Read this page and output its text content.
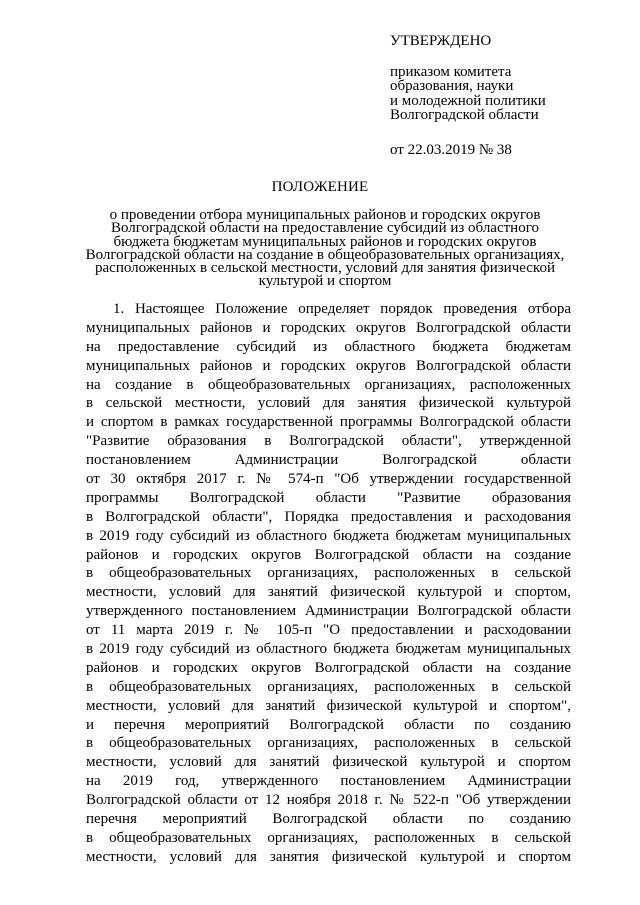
УТВЕРЖДЕНО
приказом комитета
образования, науки
и молодежной политики
Волгоградской области
от 22.03.2019 № 38
ПОЛОЖЕНИЕ
о проведении отбора муниципальных районов и городских округов
Волгоградской области на предоставление субсидий из областного
бюджета бюджетам муниципальных районов и городских округов
Волгоградской области на создание в общеобразовательных организациях,
расположенных в сельской местности, условий для занятия физической
культурой и спортом
1. Настоящее Положение определяет порядок проведения отбора
муниципальных районов и городских округов Волгоградской области
на предоставление субсидий из областного бюджета бюджетам
муниципальных районов и городских округов Волгоградской области
на создание в общеобразовательных организациях, расположенных
в сельской местности, условий для занятия физической культурой
и спортом в рамках государственной программы Волгоградской области
"Развитие образования в Волгоградской области", утвержденной
постановлением Администрации Волгоградской области
от 30 октября 2017 г. № 574-п "Об утверждении государственной
программы Волгоградской области "Развитие образования
в Волгоградской области", Порядка предоставления и расходования
в 2019 году субсидий из областного бюджета бюджетам муниципальных
районов и городских округов Волгоградской области на создание
в общеобразовательных организациях, расположенных в сельской
местности, условий для занятий физической культурой и спортом,
утвержденного постановлением Администрации Волгоградской области
от 11 марта 2019 г. № 105-п "О предоставлении и расходовании
в 2019 году субсидий из областного бюджета бюджетам муниципальных
районов и городских округов Волгоградской области на создание
в общеобразовательных организациях, расположенных в сельской
местности, условий для занятий физической культурой и спортом",
и перечня мероприятий Волгоградской области по созданию
в общеобразовательных организациях, расположенных в сельской
местности, условий для занятий физической культурой и спортом
на 2019 год, утвержденного постановлением Администрации
Волгоградской области от 12 ноября 2018 г. № 522-п "Об утверждении
перечня мероприятий Волгоградской области по созданию
в общеобразовательных организациях, расположенных в сельской
местности, условий для занятия физической культурой и спортом
